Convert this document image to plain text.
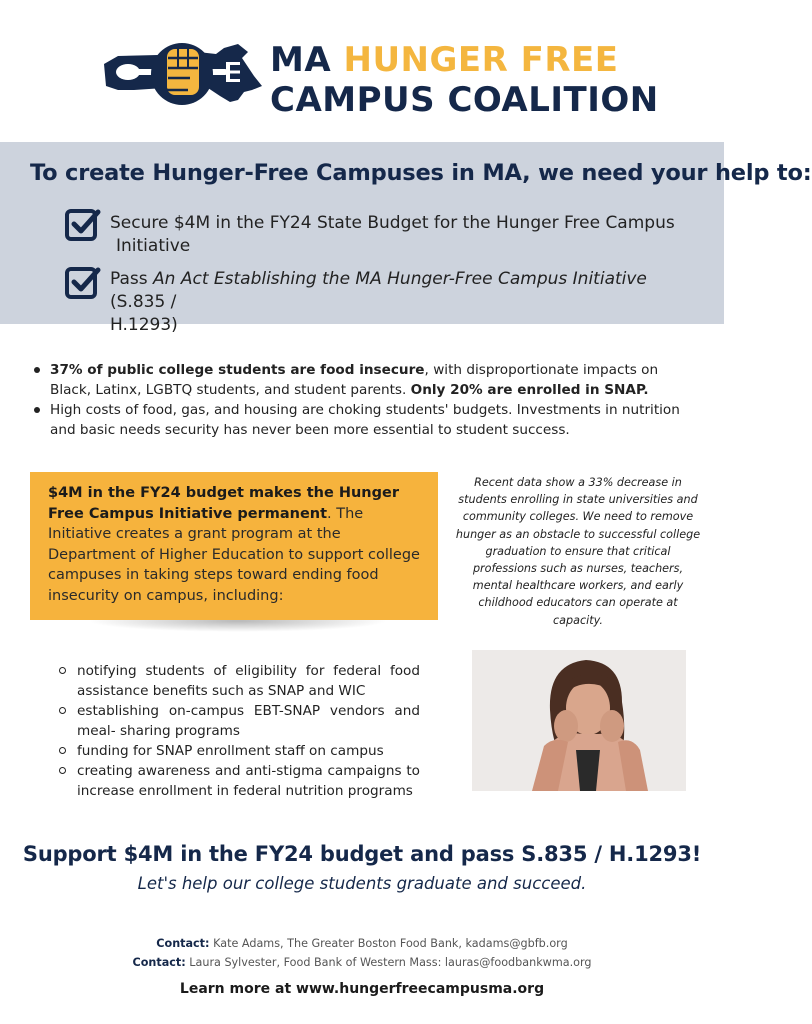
MA HUNGER FREE
CAMPUS COALITION
To create Hunger-Free Campuses in MA, we need your help to:
Secure $4M in the FY24 State Budget for the Hunger Free Campus
Initiative
Pass An Act Establishing the MA Hunger-Free Campus Initiative (S.835 /
H.1293)
37% of public college students are food insecure, with disproportionate impacts on Black, Latinx, LGBTQ students, and student parents. Only 20% are enrolled in SNAP.
High costs of food, gas, and housing are choking students' budgets. Investments in nutrition and basic needs security has never been more essential to student success.
$4M in the FY24 budget makes the Hunger Free Campus Initiative permanent. The Initiative creates a grant program at the Department of Higher Education to support college campuses in taking steps toward ending food insecurity on campus, including:
Recent data show a 33% decrease in students enrolling in state universities and community colleges. We need to remove hunger as an obstacle to successful college graduation to ensure that critical professions such as nurses, teachers, mental healthcare workers, and early childhood educators can operate at capacity.
notifying students of eligibility for federal food assistance benefits such as SNAP and WIC
establishing on-campus EBT-SNAP vendors and meal- sharing programs
funding for SNAP enrollment staff on campus
creating awareness and anti-stigma campaigns to increase enrollment in federal nutrition programs
Support $4M in the FY24 budget and pass S.835 / H.1293!
Let's help our college students graduate and succeed.
Contact: Kate Adams, The Greater Boston Food Bank, kadams@gbfb.org
Contact: Laura Sylvester, Food Bank of Western Mass: lauras@foodbankwma.org
Learn more at www.hungerfreecampusma.org
